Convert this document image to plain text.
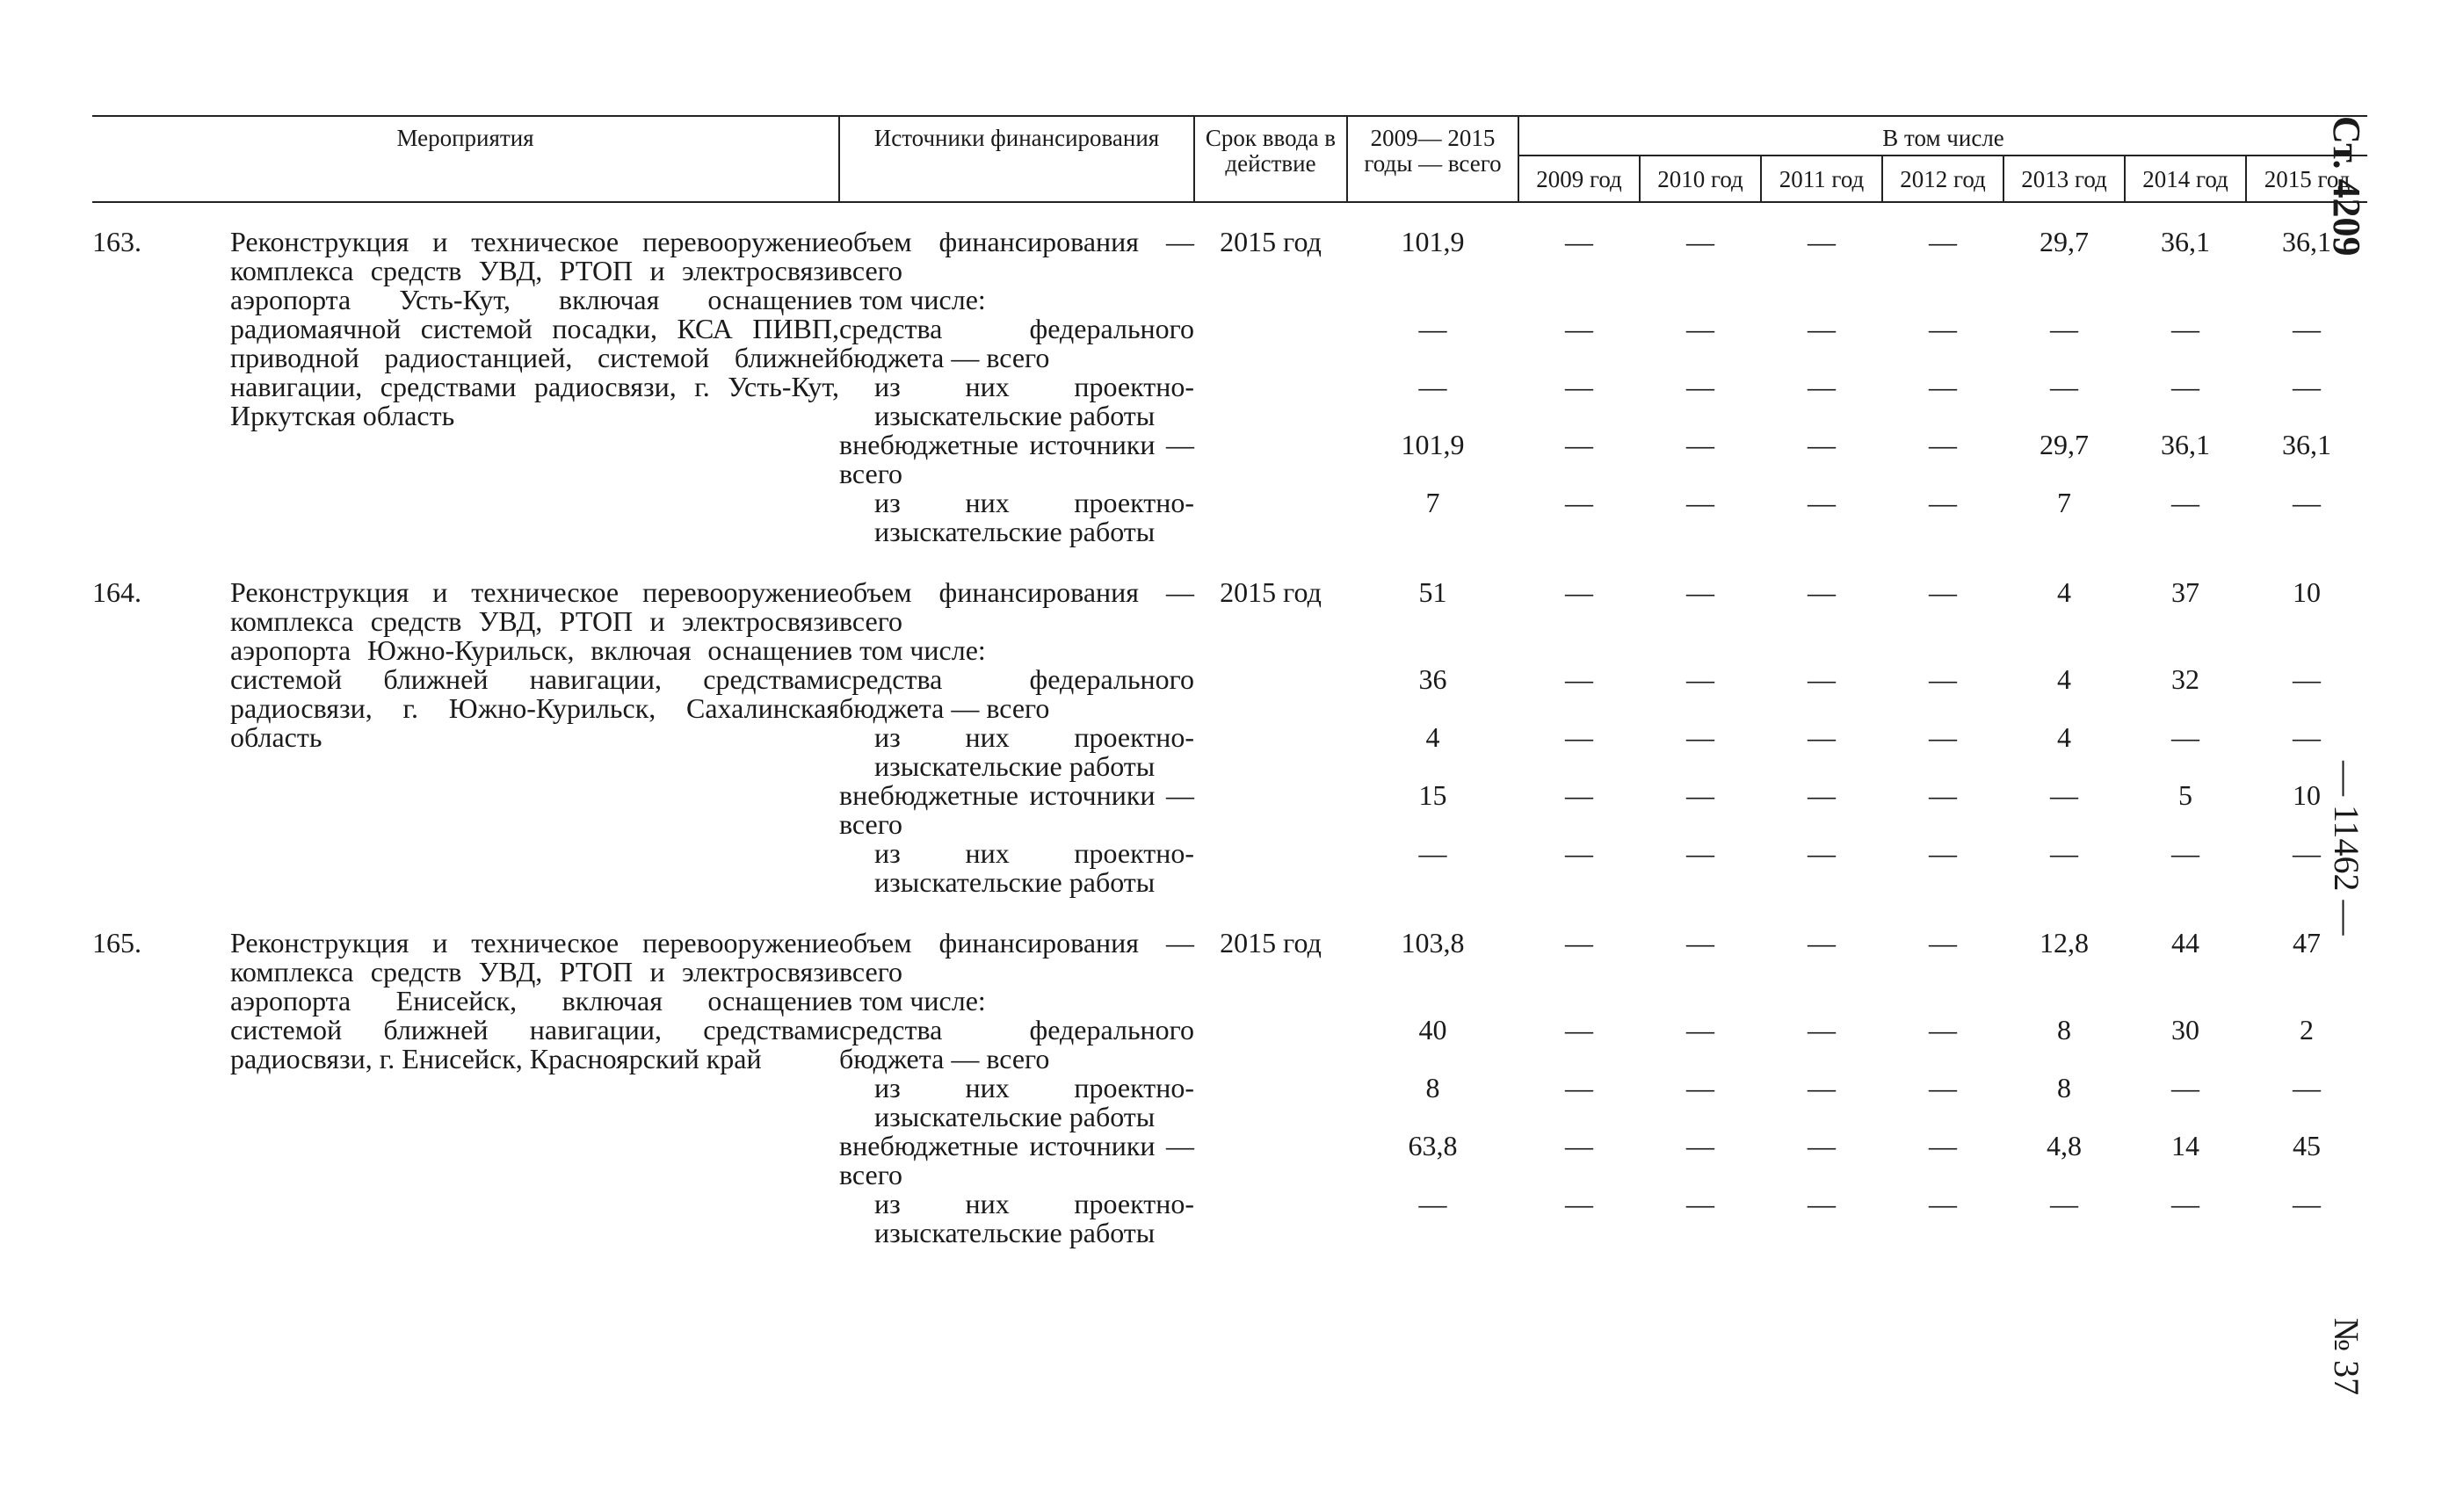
Мероприятия		Источники финансирования	Срок ввода в действие	2009— 2015 годы — всего	В том числе						
					2009 год	2010 год	2011 год	2012 год	2013 год	2014 год	2015 год
163.	Реконструкция и техническое перевооружение комплекса средств УВД, РТОП и электросвязи аэропорта Усть-Кут, включая оснащение радиомаячной системой посадки, КСА ПИВП, приводной радиостанцией, системой ближней навигации, средствами радиосвязи, г. Усть-Кут, Иркутская область	объем финансирования — всего	2015 год	101,9	—	—	—	—	29,7	36,1	36,1
		в том числе:									
		средства федерального бюджета — всего		—	—	—	—	—	—	—	—
		из них проектно-изыскательские работы		—	—	—	—	—	—	—	—
		внебюджетные источники — всего		101,9	—	—	—	—	29,7	36,1	36,1
		из них проектно-изыскательские работы		7	—	—	—	—	7	—	—
164.	Реконструкция и техническое перевооружение комплекса средств УВД, РТОП и электросвязи аэропорта Южно-Курильск, включая оснащение системой ближней навигации, средствами радиосвязи, г. Южно-Курильск, Сахалинская область	объем финансирования — всего	2015 год	51	—	—	—	—	4	37	10
		в том числе:									
		средства федерального бюджета — всего		36	—	—	—	—	4	32	—
		из них проектно-изыскательские работы		4	—	—	—	—	4	—	—
		внебюджетные источники — всего		15	—	—	—	—	—	5	10
		из них проектно-изыскательские работы		—	—	—	—	—	—	—	—
165.	Реконструкция и техническое перевооружение комплекса средств УВД, РТОП и электросвязи аэропорта Енисейск, включая оснащение системой ближней навигации, средствами радиосвязи, г. Енисейск, Красноярский край	объем финансирования — всего	2015 год	103,8	—	—	—	—	12,8	44	47
		в том числе:									
		средства федерального бюджета — всего		40	—	—	—	—	8	30	2
		из них проектно-изыскательские работы		8	—	—	—	—	8	—	—
		внебюджетные источники — всего		63,8	—	—	—	—	4,8	14	45
		из них проектно-изыскательские работы		—	—	—	—	—	—	—	—
Ст. 4209
— 11462 —
№ 37
